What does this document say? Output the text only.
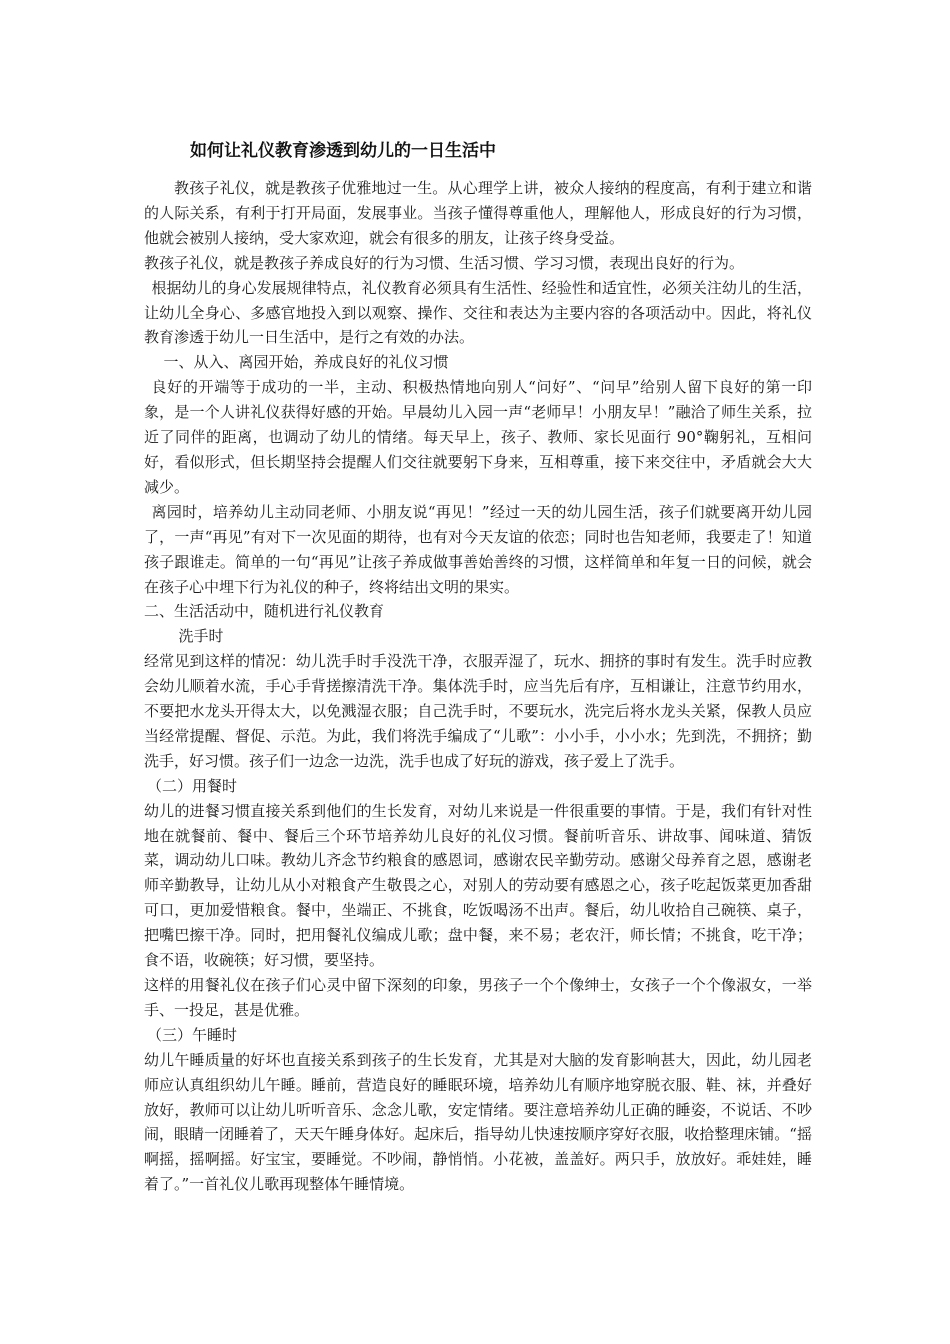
如何让礼仪教育渗透到幼儿的一日生活中

教孩子礼仪，就是教孩子优雅地过一生。从心理学上讲，被众人接纳的程度高，有利于建立和谐的人际关系，有利于打开局面，发展事业。当孩子懂得尊重他人，理解他人，形成良好的行为习惯，他就会被别人接纳，受大家欢迎，就会有很多的朋友，让孩子终身受益。

教孩子礼仪，就是教孩子养成良好的行为习惯、生活习惯、学习习惯，表现出良好的行为。

根据幼儿的身心发展规律特点，礼仪教育必须具有生活性、经验性和适宜性，必须关注幼儿的生活，让幼儿全身心、多感官地投入到以观察、操作、交往和表达为主要内容的各项活动中。因此，将礼仪教育渗透于幼儿一日生活中，是行之有效的办法。

一、从入、离园开始，养成良好的礼仪习惯

良好的开端等于成功的一半，主动、积极热情地向别人“问好”、“问早”给别人留下良好的第一印象，是一个人讲礼仪获得好感的开始。早晨幼儿入园一声“老师早！小朋友早！”融洽了师生关系，拉近了同伴的距离，也调动了幼儿的情绪。每天早上，孩子、教师、家长见面行 90°鞠躬礼，互相问好，看似形式，但长期坚持会提醒人们交往就要躬下身来，互相尊重，接下来交往中，矛盾就会大大减少。

离园时，培养幼儿主动同老师、小朋友说“再见！”经过一天的幼儿园生活，孩子们就要离开幼儿园了，一声“再见”有对下一次见面的期待，也有对今天友谊的依恋；同时也告知老师，我要走了！知道孩子跟谁走。简单的一句“再见”让孩子养成做事善始善终的习惯，这样简单和年复一日的问候，就会在孩子心中埋下行为礼仪的种子，终将结出文明的果实。

二、生活活动中，随机进行礼仪教育

洗手时

经常见到这样的情况：幼儿洗手时手没洗干净，衣服弄湿了，玩水、拥挤的事时有发生。洗手时应教会幼儿顺着水流，手心手背搓擦清洗干净。集体洗手时，应当先后有序，互相谦让，注意节约用水，不要把水龙头开得太大，以免溅湿衣服；自己洗手时，不要玩水，洗完后将水龙头关紧，保教人员应当经常提醒、督促、示范。为此，我们将洗手编成了“儿歌”：小小手，小小水；先到洗，不拥挤；勤洗手，好习惯。孩子们一边念一边洗，洗手也成了好玩的游戏，孩子爱上了洗手。

（二）用餐时

幼儿的进餐习惯直接关系到他们的生长发育，对幼儿来说是一件很重要的事情。于是，我们有针对性地在就餐前、餐中、餐后三个环节培养幼儿良好的礼仪习惯。餐前听音乐、讲故事、闻味道、猜饭菜，调动幼儿口味。教幼儿齐念节约粮食的感恩词，感谢农民辛勤劳动。感谢父母养育之恩，感谢老师辛勤教导，让幼儿从小对粮食产生敬畏之心，对别人的劳动要有感恩之心，孩子吃起饭菜更加香甜可口，更加爱惜粮食。餐中，坐端正、不挑食，吃饭喝汤不出声。餐后，幼儿收拾自己碗筷、桌子，把嘴巴擦干净。同时，把用餐礼仪编成儿歌；盘中餐，来不易；老农汗，师长情；不挑食，吃干净；食不语，收碗筷；好习惯，要坚持。

这样的用餐礼仪在孩子们心灵中留下深刻的印象，男孩子一个个像绅士，女孩子一个个像淑女，一举手、一投足，甚是优雅。

（三）午睡时

幼儿午睡质量的好坏也直接关系到孩子的生长发育，尤其是对大脑的发育影响甚大，因此，幼儿园老师应认真组织幼儿午睡。睡前，营造良好的睡眠环境，培养幼儿有顺序地穿脱衣服、鞋、袜，并叠好放好，教师可以让幼儿听听音乐、念念儿歌，安定情绪。要注意培养幼儿正确的睡姿，不说话、不吵闹，眼睛一闭睡着了，天天午睡身体好。起床后，指导幼儿快速按顺序穿好衣服，收拾整理床铺。“摇啊摇，摇啊摇。好宝宝，要睡觉。不吵闹，静悄悄。小花被，盖盖好。两只手，放放好。乖娃娃，睡着了。”一首礼仪儿歌再现整体午睡情境。
